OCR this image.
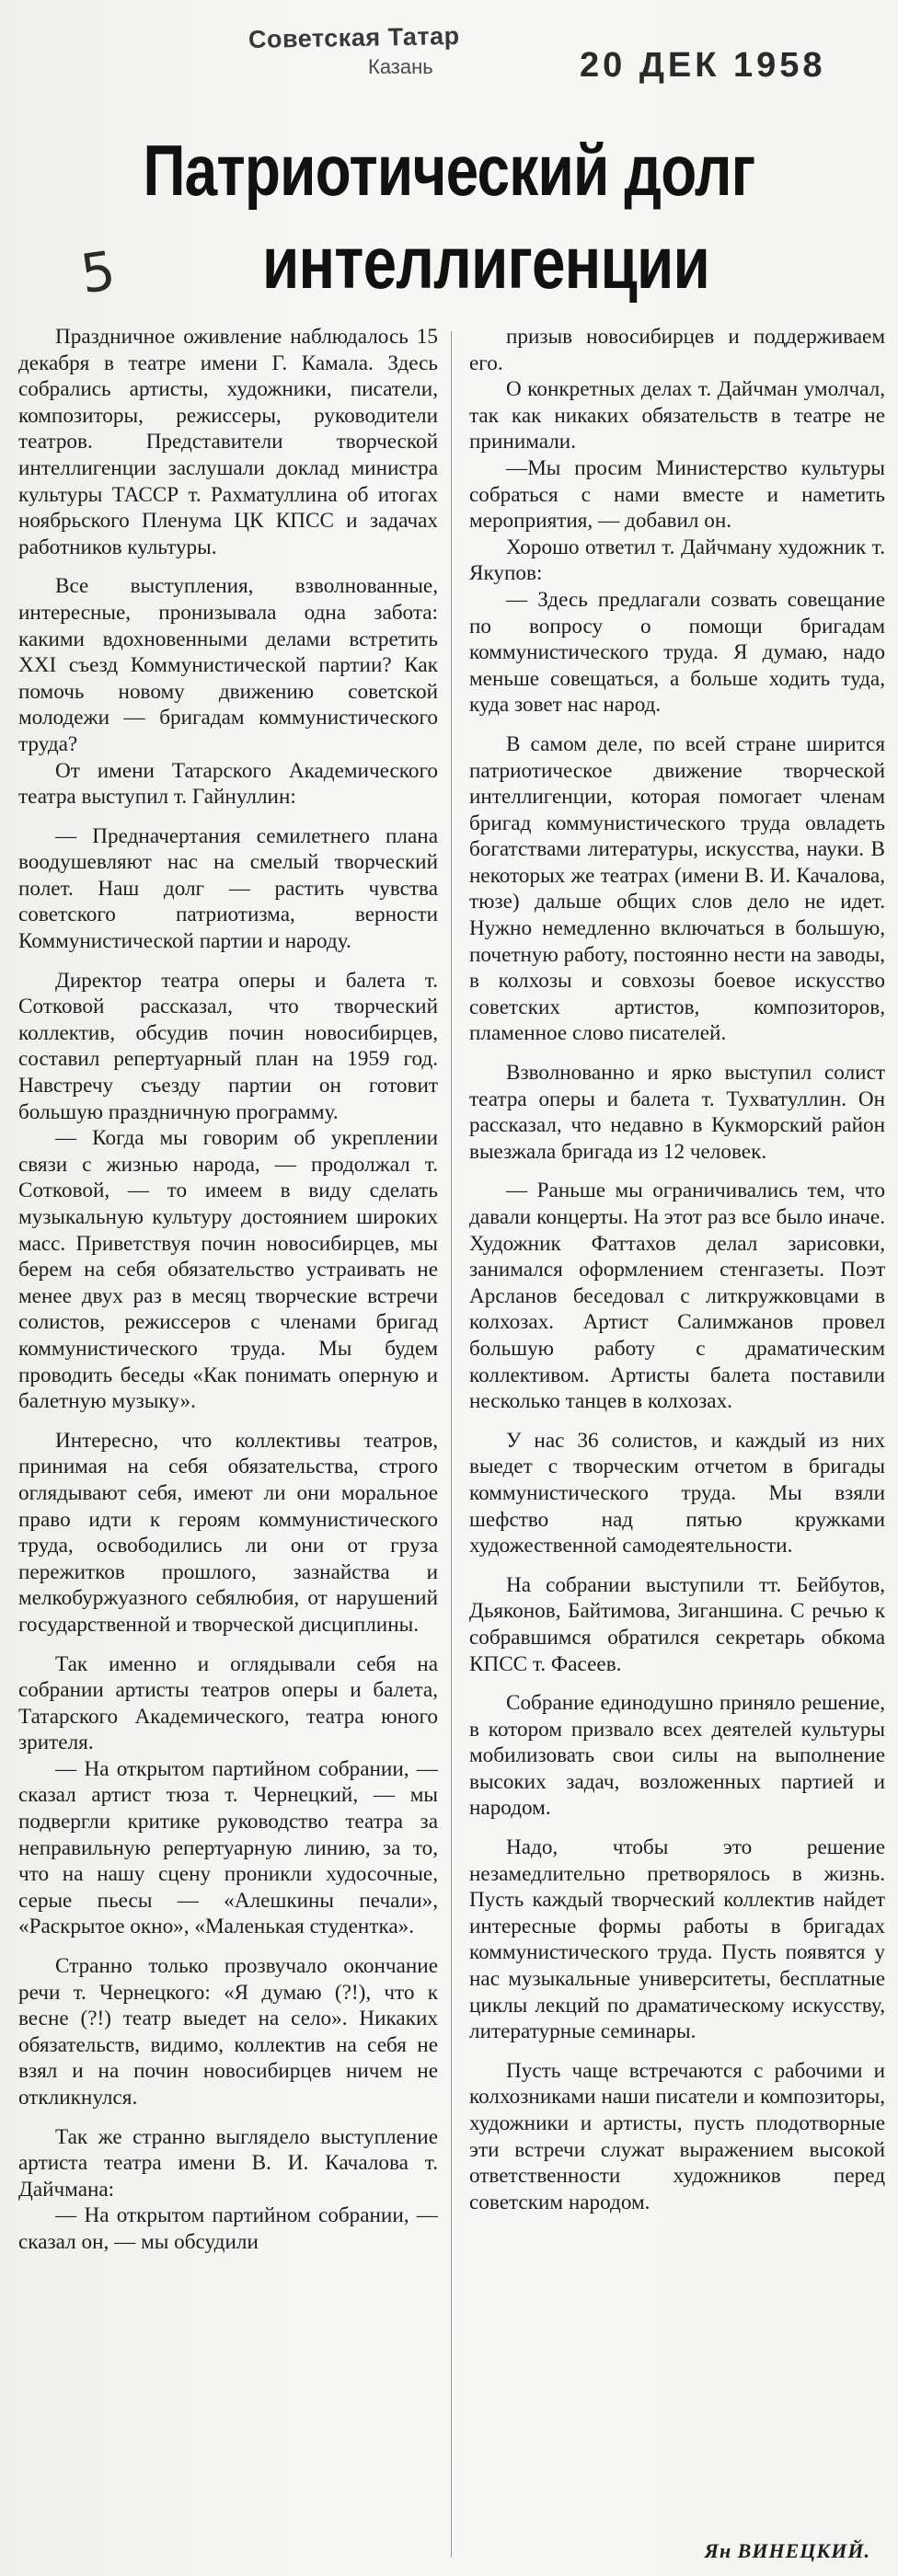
Советская Татар
Казань	20 ДЕК 1958
5
Патриотический долг
интеллигенции

Праздничное оживление наблюдалось 15 декабря в театре имени Г. Камала. Здесь собрались артисты, художники, писатели, композиторы, режиссеры, руководители театров. Представители творческой интеллигенции заслушали доклад министра культуры ТАССР т. Рахматуллина об итогах ноябрьского Пленума ЦК КПСС и задачах работников культуры.

Все выступления, взволнованные, интересные, пронизывала одна забота: какими вдохновенными делами встретить XXI съезд Коммунистической партии? Как помочь новому движению советской молодежи — бригадам коммунистического труда?

От имени Татарского Академического театра выступил т. Гайнуллин:

— Предначертания семилетнего плана воодушевляют нас на смелый творческий полет. Наш долг — растить чувства советского патриотизма, верности Коммунистической партии и народу.

Директор театра оперы и балета т. Сотковой рассказал, что творческий коллектив, обсудив почин новосибирцев, составил репертуарный план на 1959 год. Навстречу съезду партии он готовит большую праздничную программу.

— Когда мы говорим об укреплении связи с жизнью народа, — продолжал т. Сотковой, — то имеем в виду сделать музыкальную культуру достоянием широких масс. Приветствуя почин новосибирцев, мы берем на себя обязательство устраивать не менее двух раз в месяц творческие встречи солистов, режиссеров с членами бригад коммунистического труда. Мы будем проводить беседы «Как понимать оперную и балетную музыку».

Интересно, что коллективы театров, принимая на себя обязательства, строго оглядывают себя, имеют ли они моральное право идти к героям коммунистического труда, освободились ли они от груза пережитков прошлого, зазнайства и мелкобуржуазного себялюбия, от нарушений государственной и творческой дисциплины.

Так именно и оглядывали себя на собрании артисты театров оперы и балета, Татарского Академического, театра юного зрителя.

— На открытом партийном собрании, — сказал артист тюза т. Чернецкий, — мы подвергли критике руководство театра за неправильную репертуарную линию, за то, что на нашу сцену проникли худосочные, серые пьесы — «Алешкины печали», «Раскрытое окно», «Маленькая студентка».

Странно только прозвучало окончание речи т. Чернецкого: «Я думаю (?!), что к весне (?!) театр выедет на село». Никаких обязательств, видимо, коллектив на себя не взял и на почин новосибирцев ничем не откликнулся.

Так же странно выглядело выступление артиста театра имени В. И. Качалова т. Дайчмана:

— На открытом партийном собрании, — сказал он, — мы обсудили

призыв новосибирцев и поддерживаем его.

О конкретных делах т. Дайчман умолчал, так как никаких обязательств в театре не принимали.

—Мы просим Министерство культуры собраться с нами вместе и наметить мероприятия, — добавил он.

Хорошо ответил т. Дайчману художник т. Якупов:

— Здесь предлагали созвать совещание по вопросу о помощи бригадам коммунистического труда. Я думаю, надо меньше совещаться, а больше ходить туда, куда зовет нас народ.

В самом деле, по всей стране ширится патриотическое движение творческой интеллигенции, которая помогает членам бригад коммунистического труда овладеть богатствами литературы, искусства, науки. В некоторых же театрах (имени В. И. Качалова, тюзе) дальше общих слов дело не идет. Нужно немедленно включаться в большую, почетную работу, постоянно нести на заводы, в колхозы и совхозы боевое искусство советских артистов, композиторов, пламенное слово писателей.

Взволнованно и ярко выступил солист театра оперы и балета т. Тухватуллин. Он рассказал, что недавно в Кукморский район выезжала бригада из 12 человек.

— Раньше мы ограничивались тем, что давали концерты. На этот раз все было иначе. Художник Фаттахов делал зарисовки, занимался оформлением стенгазеты. Поэт Арсланов беседовал с литкружковцами в колхозах. Артист Салимжанов провел большую работу с драматическим коллективом. Артисты балета поставили несколько танцев в колхозах.

У нас 36 солистов, и каждый из них выедет с творческим отчетом в бригады коммунистического труда. Мы взяли шефство над пятью кружками художественной самодеятельности.

На собрании выступили тт. Бейбутов, Дьяконов, Байтимова, Зиганшина. С речью к собравшимся обратился секретарь обкома КПСС т. Фасеев.

Собрание единодушно приняло решение, в котором призвало всех деятелей культуры мобилизовать свои силы на выполнение высоких задач, возложенных партией и народом.

Надо, чтобы это решение незамедлительно претворялось в жизнь. Пусть каждый творческий коллектив найдет интересные формы работы в бригадах коммунистического труда. Пусть появятся у нас музыкальные университеты, бесплатные циклы лекций по драматическому искусству, литературные семинары.

Пусть чаще встречаются с рабочими и колхозниками наши писатели и композиторы, художники и артисты, пусть плодотворные эти встречи служат выражением высокой ответственности художников перед советским народом.

Ян ВИНЕЦКИЙ.
